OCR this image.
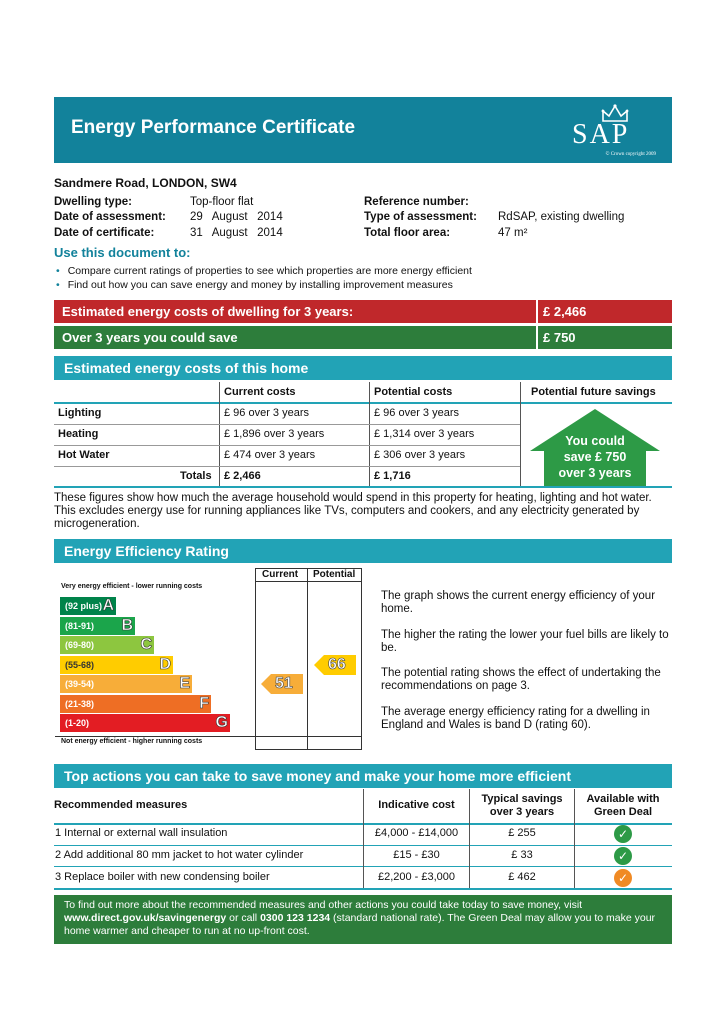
Energy Performance Certificate	SAP
© Crown copyright 2009
Sandmere Road, LONDON, SW4
Dwelling type:	Top-floor flat
Date of assessment: 29   August   2014
Date of certificate:	31   August   2014
Reference number:
Type of assessment: RdSAP, existing dwelling
Total floor area:	47 m²
Use this document to:
• Compare current ratings of properties to see which properties are more energy efficient
• Find out how you can save energy and money by installing improvement measures
Estimated energy costs of dwelling for 3 years:	£ 2,466
Over 3 years you could save	£ 750
Estimated energy costs of this home
Current costs	Potential costs	Potential future savings
Lighting	£ 96 over 3 years	£ 96 over 3 years
Heating	£ 1,896 over 3 years	£ 1,314 over 3 years
Hot Water	£ 474 over 3 years	£ 306 over 3 years
Totals £ 2,466	£ 1,716
You could
save £ 750
over 3 years
These figures show how much the average household would spend in this property for heating, lighting and hot water. This excludes energy use for running appliances like TVs, computers and cookers, and any electricity generated by microgeneration.
Energy Efficiency Rating
Current Potential
Very energy efficient - lower running costs
Not energy efficient - higher running costs
(92 plus) A
(81-91) B
(69-80)	C
(55-68)	D
(39-54)	E
(21-38)	F
(1-20)	G
51
66
The graph shows the current energy efficiency of your home.
The higher the rating the lower your fuel bills are likely to be.
The potential rating shows the effect of undertaking the recommendations on page 3.
The average energy efficiency rating for a dwelling in England and Wales is band D (rating 60).
Top actions you can take to save money and make your home more efficient
Recommended measures	Indicative cost	Typical savings over 3 years
Available with Green Deal
1 Internal or external wall insulation	£4,000 - £14,000	£ 255	✓
2 Add additional 80 mm jacket to hot water cylinder	£15 - £30	£ 33	✓
3 Replace boiler with new condensing boiler	£2,200 - £3,000	£ 462	✓
To find out more about the recommended measures and other actions you could take today to save money, visit
www.direct.gov.uk/savingenergy or call 0300 123 1234 (standard national rate). The Green Deal may allow you to make your home warmer and cheaper to run at no up-front cost.
